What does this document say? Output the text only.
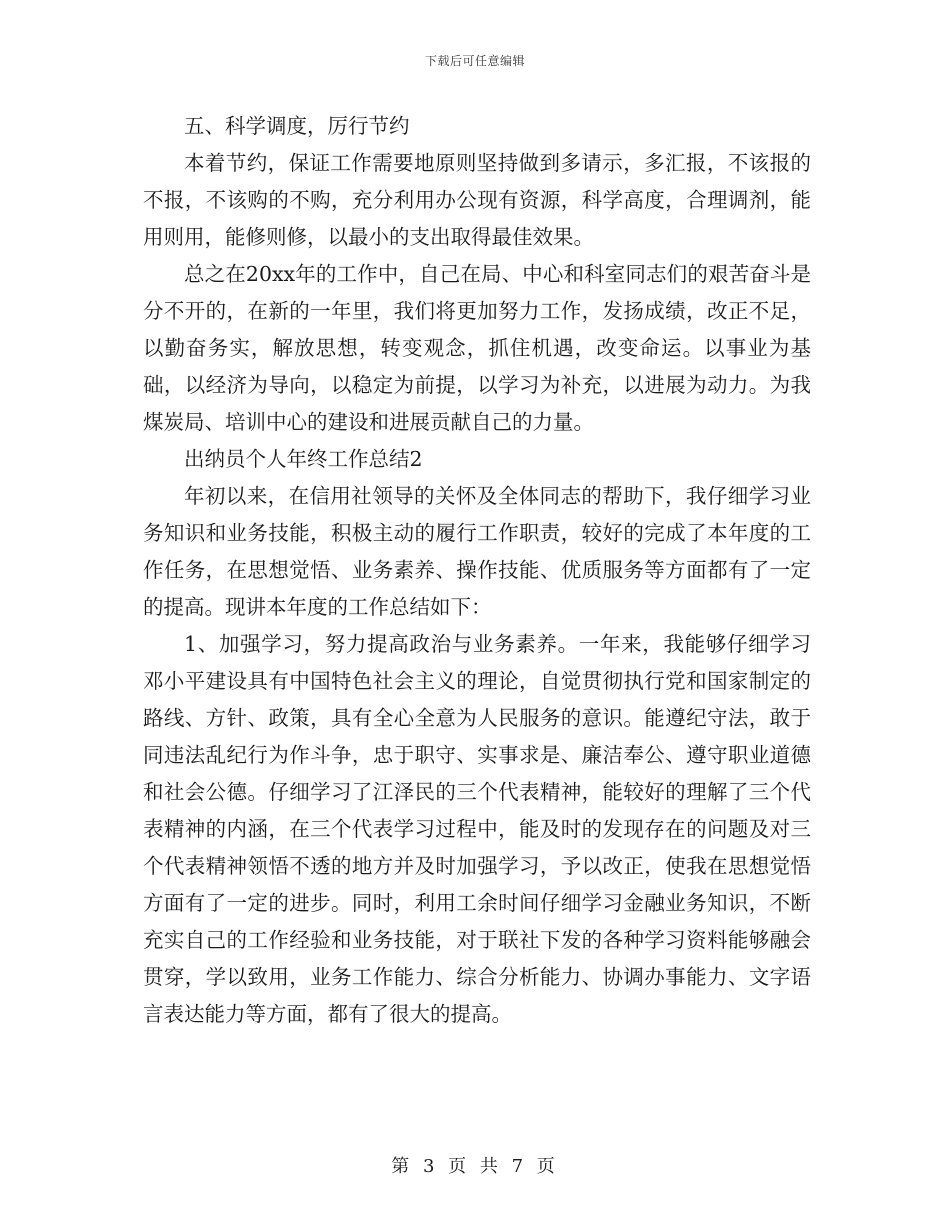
下载后可任意编辑

五、科学调度，厉行节约

本着节约，保证工作需要地原则坚持做到多请示，多汇报，不该报的不报，不该购的不购，充分利用办公现有资源，科学高度，合理调剂，能用则用，能修则修，以最小的支出取得最佳效果。

总之在20xx年的工作中，自己在局、中心和科室同志们的艰苦奋斗是分不开的，在新的一年里，我们将更加努力工作，发扬成绩，改正不足，以勤奋务实，解放思想，转变观念，抓住机遇，改变命运。以事业为基础，以经济为导向，以稳定为前提，以学习为补充，以进展为动力。为我煤炭局、培训中心的建设和进展贡献自己的力量。

出纳员个人年终工作总结2

年初以来，在信用社领导的关怀及全体同志的帮助下，我仔细学习业务知识和业务技能，积极主动的履行工作职责，较好的完成了本年度的工作任务，在思想觉悟、业务素养、操作技能、优质服务等方面都有了一定的提高。现讲本年度的工作总结如下：

1、加强学习，努力提高政治与业务素养。一年来，我能够仔细学习邓小平建设具有中国特色社会主义的理论，自觉贯彻执行党和国家制定的路线、方针、政策，具有全心全意为人民服务的意识。能遵纪守法，敢于同违法乱纪行为作斗争，忠于职守、实事求是、廉洁奉公、遵守职业道德和社会公德。仔细学习了江泽民的三个代表精神，能较好的理解了三个代表精神的内涵，在三个代表学习过程中，能及时的发现存在的问题及对三个代表精神领悟不透的地方并及时加强学习，予以改正，使我在思想觉悟方面有了一定的进步。同时，利用工余时间仔细学习金融业务知识，不断充实自己的工作经验和业务技能，对于联社下发的各种学习资料能够融会贯穿，学以致用，业务工作能力、综合分析能力、协调办事能力、文字语言表达能力等方面，都有了很大的提高。

第 3 页 共 7 页
